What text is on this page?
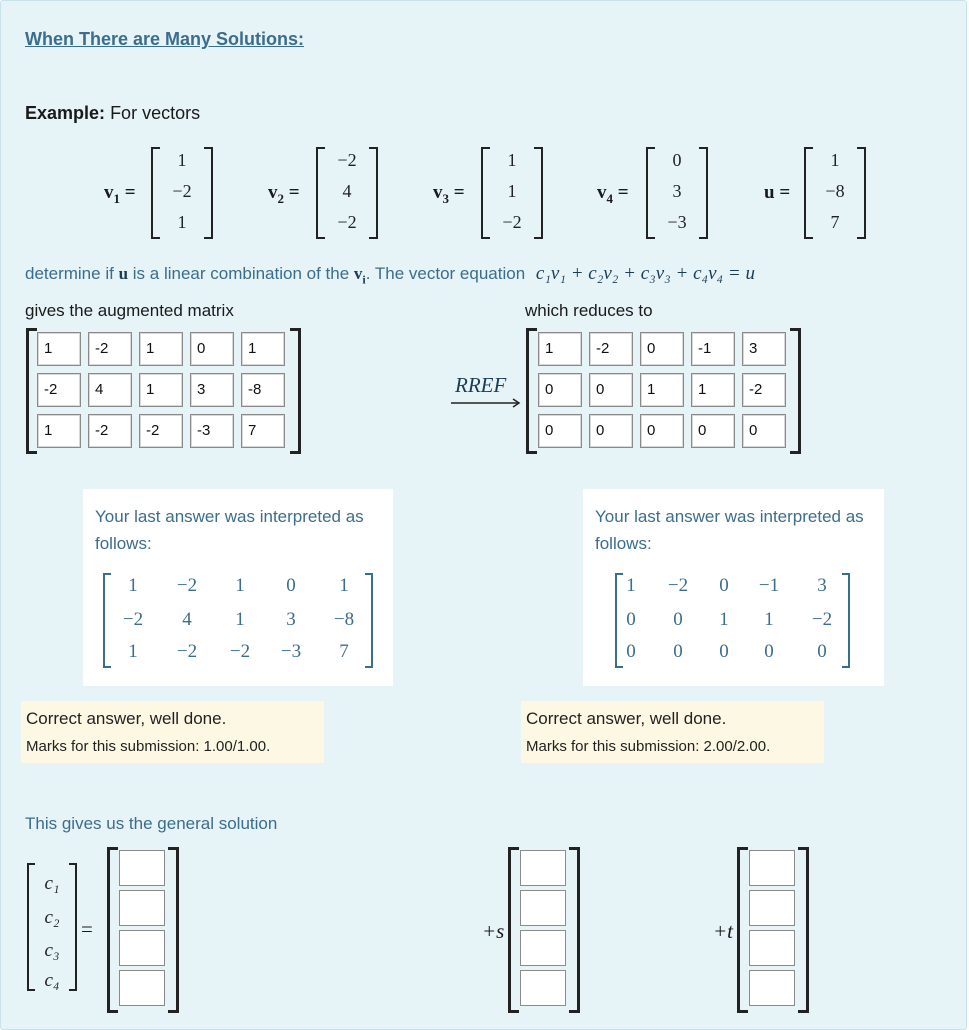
When There are Many Solutions:
Example: For vectors
$v_1$ =
1
−2
1
$v_2$ =
−2
4
−2
$v_3$ =
1
1
−2
$v_4$ =
0
3
−3
u =
1
−8
7
determine if u is a linear combination of the $v_i$. The vector equation c₁v₁ + c₂v₂ + c₃v₃ + c₄v₄ = u
gives the augmented matrix	which reduces to
1	-2	1	0	1
-2	4	1	3	-8
1	-2	-2	-3	7
RREF
1	-2	0	-1	3
0	0	1	1	-2
0	0	0	0	0
Your last answer was interpreted as follows:
1	−2	1	0	1
−2	4	1	3	−8
1	−2	−2	−3	7
Your last answer was interpreted as follows:
1	−2	0	−1	3
0	0	1	1	−2
0	0	0	0	0
Correct answer, well done.
Marks for this submission: 1.00/1.00.
Correct answer, well done.
Marks for this submission: 2.00/2.00.
This gives us the general solution
c₁
c₂
c₃
c₄
=	+s	+t
